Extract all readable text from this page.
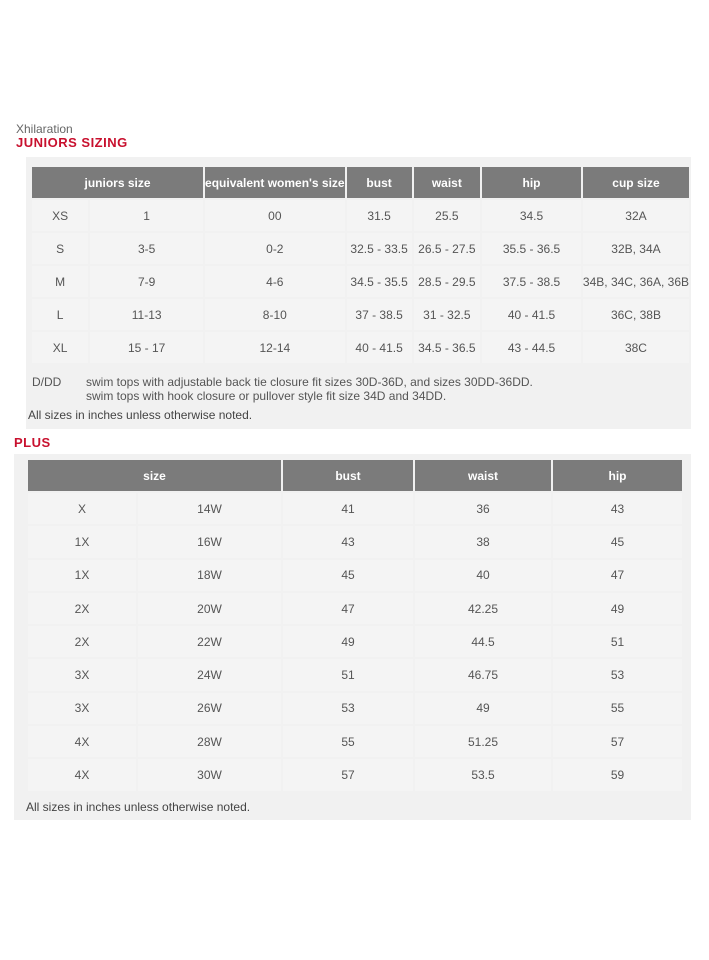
Xhilaration
JUNIORS SIZING
juniors size		equivalent women's size	bust	waist	hip	cup size
XS	1	00	31.5	25.5	34.5	32A
S	3-5	0-2	32.5 - 33.5	26.5 - 27.5	35.5 - 36.5	32B, 34A
M	7-9	4-6	34.5 - 35.5	28.5 - 29.5	37.5 - 38.5	34B, 34C, 36A, 36B
L	11-13	8-10	37 - 38.5	31 - 32.5	40 - 41.5	36C, 38B
XL	15 - 17	12-14	40 - 41.5	34.5 - 36.5	43 - 44.5	38C
D/DD swim tops with adjustable back tie closure fit sizes 30D-36D, and sizes 30DD-36DD.
swim tops with hook closure or pullover style fit size 34D and 34DD.
All sizes in inches unless otherwise noted.
PLUS
size		bust	waist	hip
X	14W	41	36	43
1X	16W	43	38	45
1X	18W	45	40	47
2X	20W	47	42.25	49
2X	22W	49	44.5	51
3X	24W	51	46.75	53
3X	26W	53	49	55
4X	28W	55	51.25	57
4X	30W	57	53.5	59
All sizes in inches unless otherwise noted.
